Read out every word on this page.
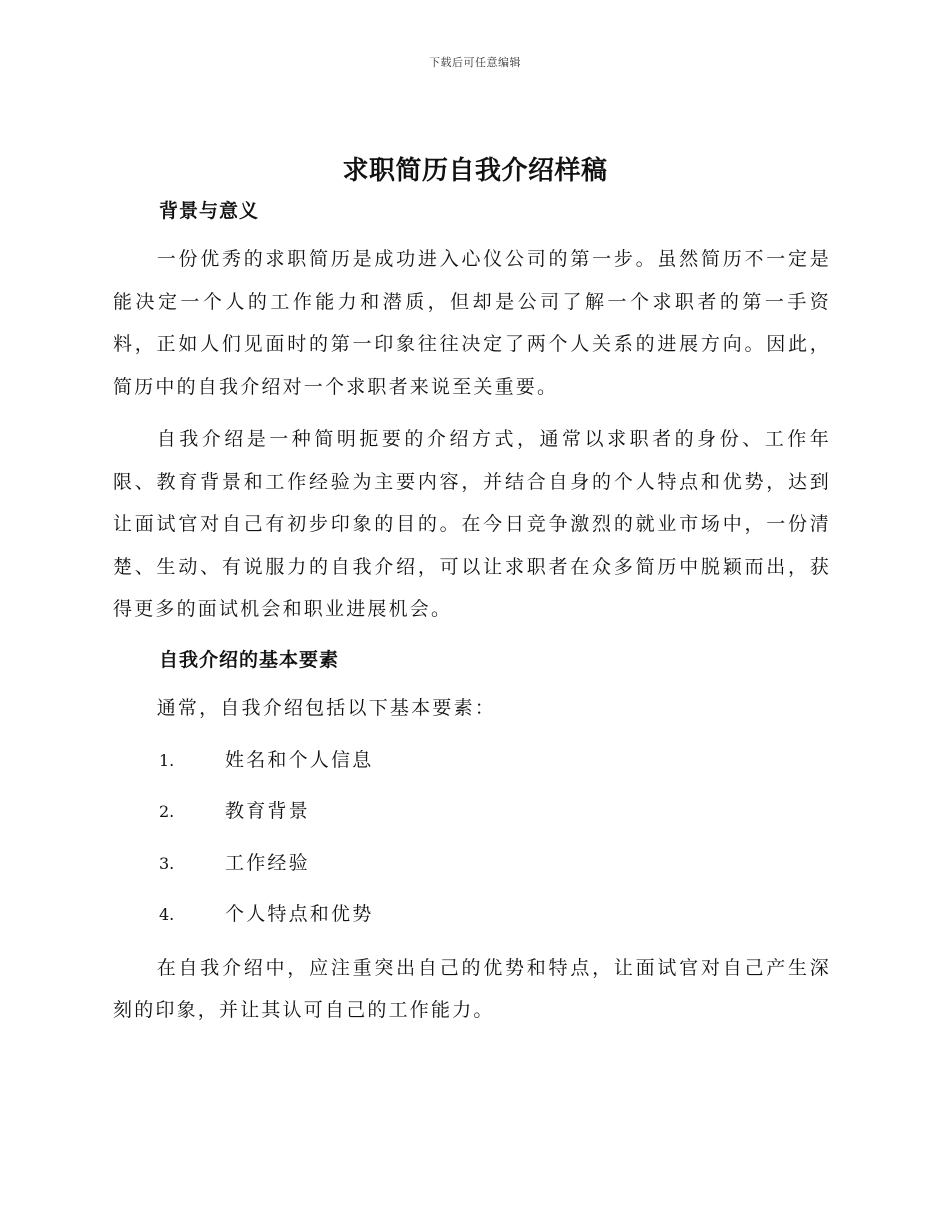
下载后可任意编辑
求职简历自我介绍样稿
背景与意义

一份优秀的求职简历是成功进入心仪公司的第一步。虽然简历不一定是能决定一个人的工作能力和潜质，但却是公司了解一个求职者的第一手资料，正如人们见面时的第一印象往往决定了两个人关系的进展方向。因此，简历中的自我介绍对一个求职者来说至关重要。

自我介绍是一种简明扼要的介绍方式，通常以求职者的身份、工作年限、教育背景和工作经验为主要内容，并结合自身的个人特点和优势，达到让面试官对自己有初步印象的目的。在今日竞争激烈的就业市场中，一份清楚、生动、有说服力的自我介绍，可以让求职者在众多简历中脱颖而出，获得更多的面试机会和职业进展机会。

自我介绍的基本要素

通常，自我介绍包括以下基本要素：

1.	姓名和个人信息
2.	教育背景
3.	工作经验
4.	个人特点和优势

在自我介绍中，应注重突出自己的优势和特点，让面试官对自己产生深刻的印象，并让其认可自己的工作能力。
